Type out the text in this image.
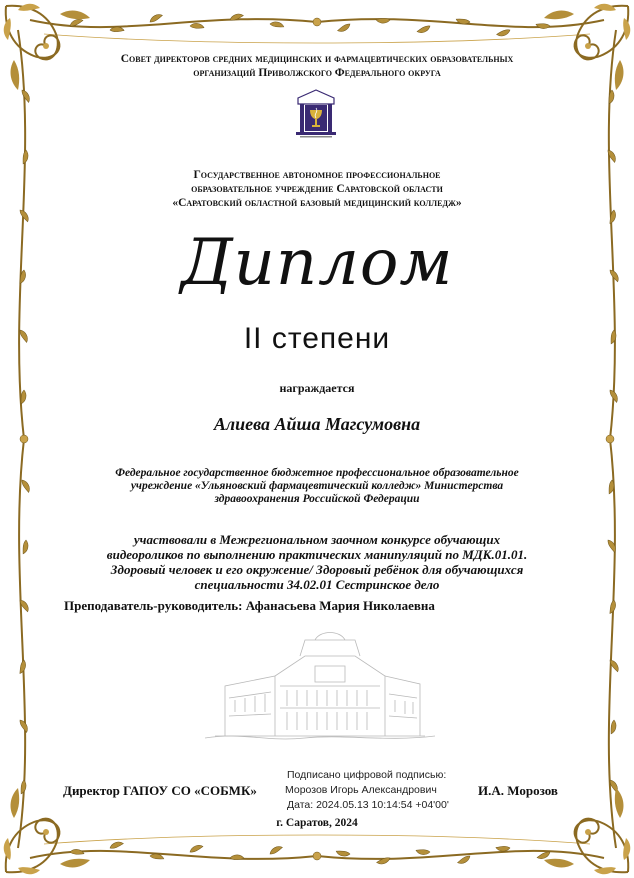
Совет директоров средних медицинских и фармацевтических образовательных
организаций Приволжского Федерального округа
Государственное автономное профессиональное
образовательное учреждение Саратовской области
«Саратовский областной базовый медицинский колледж»
Диплом
II степени
награждается
Алиева Айша Магсумовна
Федеральное государственное бюджетное профессиональное образовательное
учреждение «Ульяновский фармацевтический колледж» Министерства
здравоохранения Российской Федерации
участвовали в Межрегиональном заочном конкурсе обучающих
видеороликов по выполнению практических манипуляций по МДК.01.01.
Здоровый человек и его окружение/ Здоровый ребёнок для обучающихся
специальности 34.02.01 Сестринское дело
Преподаватель-руководитель: Афанасьева Мария Николаевна
Директор ГАПОУ СО «СОБМК»
Подписано цифровой подписью:
Морозов Игорь Александрович
Дата: 2024.05.13 10:14:54 +04'00'
И.А. Морозов
г. Саратов, 2024
